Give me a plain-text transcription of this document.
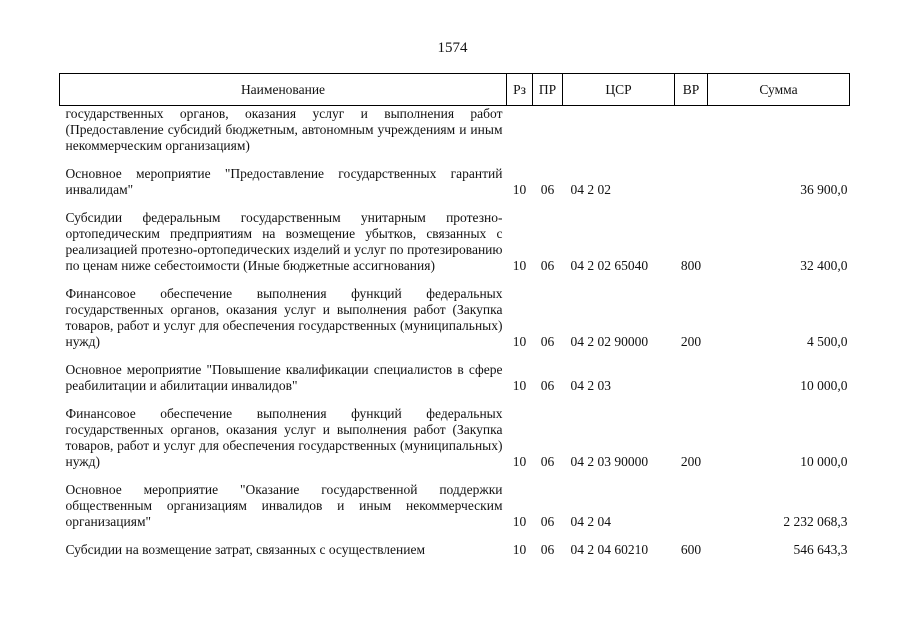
1574
Наименование	Рз	ПР	ЦСР	ВР	Сумма
государственных органов, оказания услуг и выполнения работ (Предоставление субсидий бюджетным, автономным учреждениям и иным некоммерческим организациям)					

Основное мероприятие "Предоставление государственных гарантий инвалидам"	10	06	04 2 02		36 900,0

Субсидии федеральным государственным унитарным протезно-ортопедическим предприятиям на возмещение убытков, связанных с реализацией протезно-ортопедических изделий и услуг по протезированию по ценам ниже себестоимости (Иные бюджетные ассигнования)	10	06	04 2 02 65040	800	32 400,0

Финансовое обеспечение выполнения функций федеральных государственных органов, оказания услуг и выполнения работ (Закупка товаров, работ и услуг для обеспечения государственных (муниципальных) нужд)	10	06	04 2 02 90000	200	4 500,0

Основное мероприятие "Повышение квалификации специалистов в сфере реабилитации и абилитации инвалидов"	10	06	04 2 03		10 000,0

Финансовое обеспечение выполнения функций федеральных государственных органов, оказания услуг и выполнения работ (Закупка товаров, работ и услуг для обеспечения государственных (муниципальных) нужд)	10	06	04 2 03 90000	200	10 000,0

Основное мероприятие "Оказание государственной поддержки общественным организациям инвалидов и иным некоммерческим организациям"	10	06	04 2 04		2 232 068,3

Субсидии на возмещение затрат, связанных с осуществлением	10	06	04 2 04 60210	600	546 643,3
